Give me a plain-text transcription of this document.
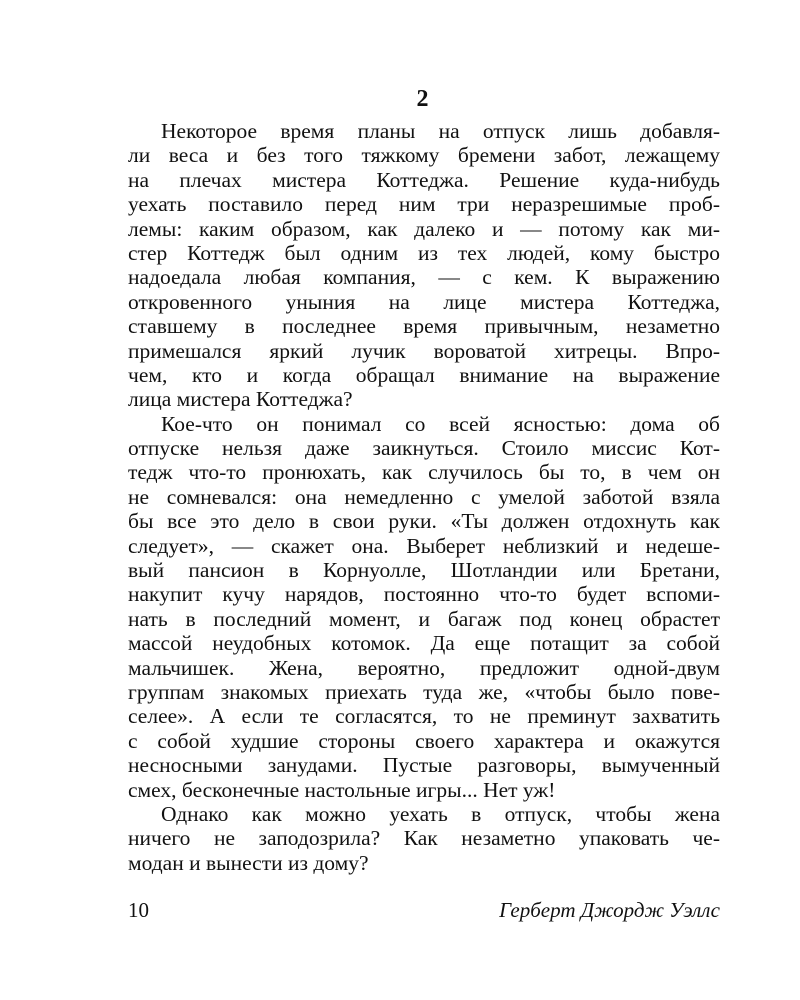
2
Некоторое время планы на отпуск лишь добавля-
ли веса и без того тяжкому бремени забот, лежащему
на плечах мистера Коттеджа. Решение куда-нибудь
уехать поставило перед ним три неразрешимые проб-
лемы: каким образом, как далеко и — потому как ми-
стер Коттедж был одним из тех людей, кому быстро
надоедала любая компания, — с кем. К выражению
откровенного уныния на лице мистера Коттеджа,
ставшему в последнее время привычным, незаметно
примешался яркий лучик вороватой хитрецы. Впро-
чем, кто и когда обращал внимание на выражение
лица мистера Коттеджа?
Кое-что он понимал со всей ясностью: дома об
отпуске нельзя даже заикнуться. Стоило миссис Кот-
тедж что-то пронюхать, как случилось бы то, в чем он
не сомневался: она немедленно с умелой заботой взяла
бы все это дело в свои руки. «Ты должен отдохнуть как
следует», — скажет она. Выберет неблизкий и недеше-
вый пансион в Корнуолле, Шотландии или Бретани,
накупит кучу нарядов, постоянно что-то будет вспоми-
нать в последний момент, и багаж под конец обрастет
массой неудобных котомок. Да еще потащит за собой
мальчишек. Жена, вероятно, предложит одной-двум
группам знакомых приехать туда же, «чтобы было пове-
селее». А если те согласятся, то не преминут захватить
с собой худшие стороны своего характера и окажутся
несносными занудами. Пустые разговоры, вымученный
смех, бесконечные настольные игры... Нет уж!
Однако как можно уехать в отпуск, чтобы жена
ничего не заподозрила? Как незаметно упаковать че-
модан и вынести из дому?
10	Герберт Джордж Уэллс
